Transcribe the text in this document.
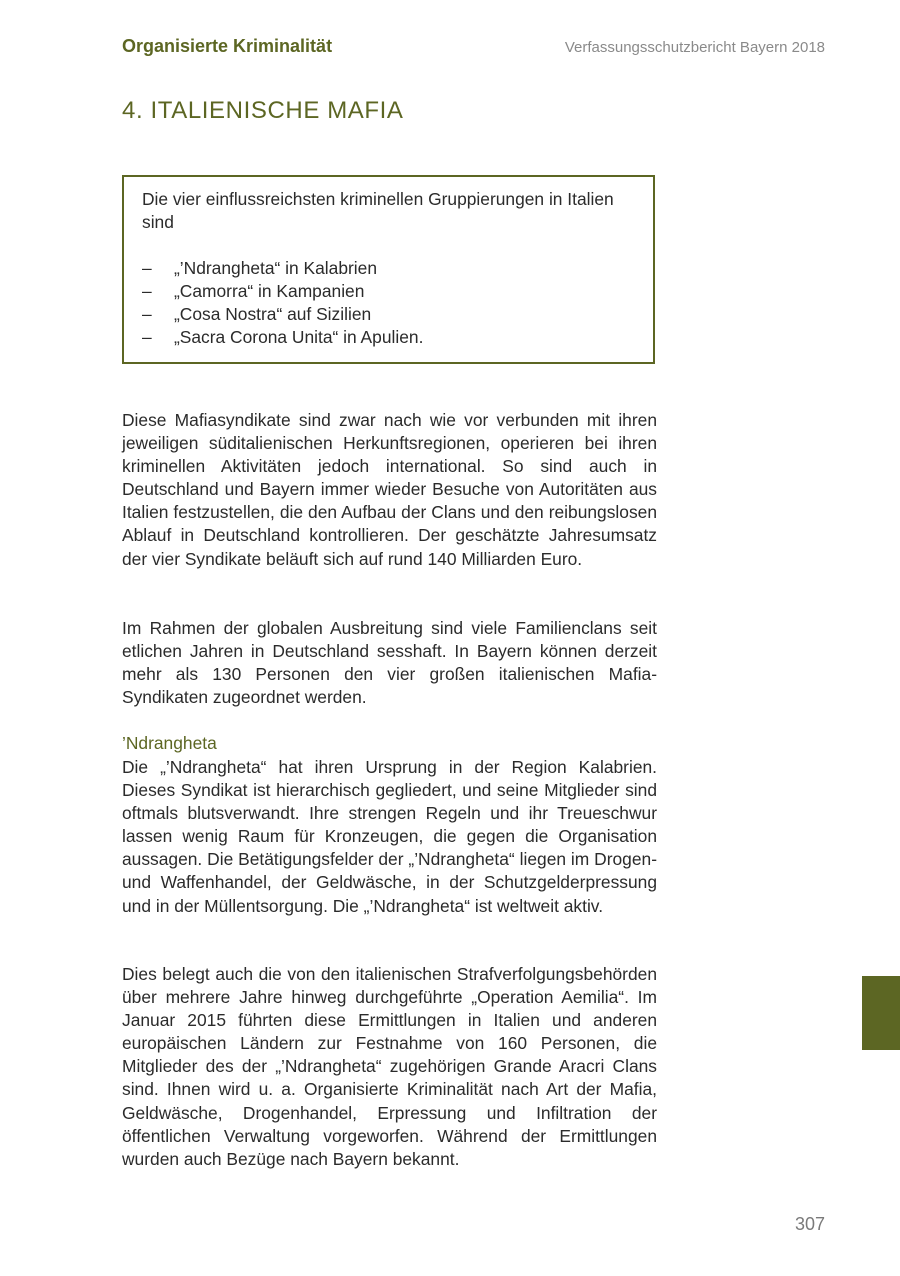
Organisierte Kriminalität	Verfassungsschutzbericht Bayern 2018
4. ITALIENISCHE MAFIA

Die vier einflussreichsten kriminellen Gruppierungen in Italien sind

–	„’Ndrangheta“ in Kalabrien
–	„Camorra“ in Kampanien
–	„Cosa Nostra“ auf Sizilien
–	„Sacra Corona Unita“ in Apulien.

Diese Mafiasyndikate sind zwar nach wie vor verbunden mit ihren jeweiligen süditalienischen Herkunftsregionen, operieren bei ihren kriminellen Aktivitäten jedoch international. So sind auch in Deutschland und Bayern immer wieder Besuche von Autoritäten aus Italien festzustellen, die den Aufbau der Clans und den reibungslosen Ablauf in Deutschland kontrollieren. Der geschätzte Jahresumsatz der vier Syndikate beläuft sich auf rund 140 Milliarden Euro.

Im Rahmen der globalen Ausbreitung sind viele Familienclans seit etlichen Jahren in Deutschland sesshaft. In Bayern können derzeit mehr als 130 Personen den vier großen italienischen Mafia-Syndikaten zugeordnet werden.

’Ndrangheta

Die „’Ndrangheta“ hat ihren Ursprung in der Region Kalabrien. Dieses Syndikat ist hierarchisch gegliedert, und seine Mitglieder sind oftmals blutsverwandt. Ihre strengen Regeln und ihr Treueschwur lassen wenig Raum für Kronzeugen, die gegen die Organisation aussagen. Die Betätigungsfelder der „’Ndrangheta“ liegen im Drogen- und Waffenhandel, der Geldwäsche, in der Schutzgelderpressung und in der Müllentsorgung. Die „’Ndrangheta“ ist weltweit aktiv.

Dies belegt auch die von den italienischen Strafverfolgungsbehörden über mehrere Jahre hinweg durchgeführte „Operation Aemilia“. Im Januar 2015 führten diese Ermittlungen in Italien und anderen europäischen Ländern zur Festnahme von 160 Personen, die Mitglieder des der „’Ndrangheta“ zugehörigen Grande Aracri Clans sind. Ihnen wird u. a. Organisierte Kriminalität nach Art der Mafia, Geldwäsche, Drogenhandel, Erpressung und Infiltration der öffentlichen Verwaltung vorgeworfen. Während der Ermittlungen wurden auch Bezüge nach Bayern bekannt.

307
